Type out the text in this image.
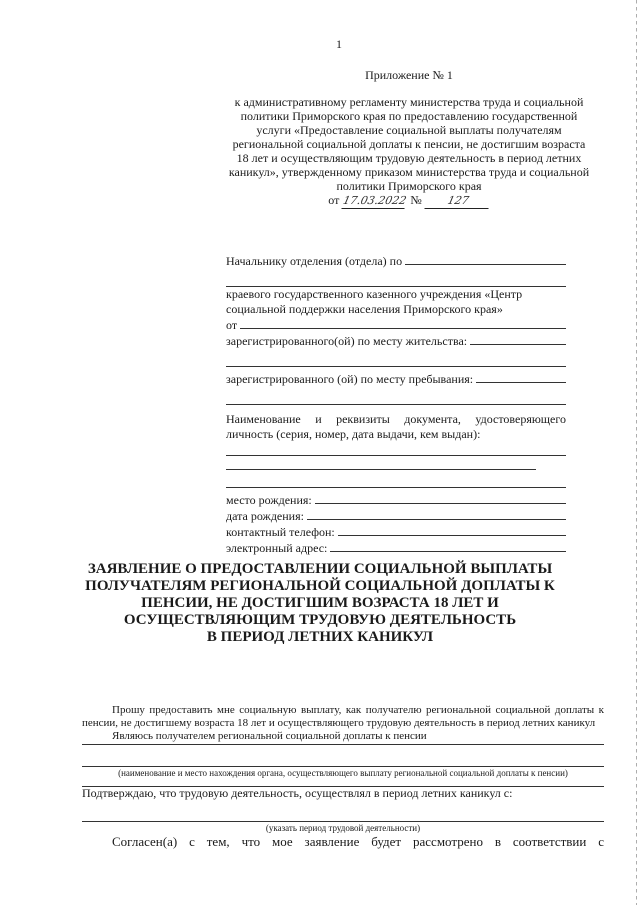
1
Приложение № 1

к административному регламенту министерства труда и социальной

политики Приморского края по предоставлению государственной

услуги «Предоставление социальной выплаты получателям

региональной социальной доплаты к пенсии, не достигшим возраста

18 лет и осуществляющим трудовую деятельность в период летних

каникул», утвержденному приказом министерства труда и социальной

политики Приморского края

от 17.03.2022 №	127
Начальнику отделения (отдела) по
краевого государственного казенного учреждения «Центр
социальной поддержки населения Приморского края»
от
зарегистрированного(ой) по месту жительства:
зарегистрированного (ой) по месту пребывания:
Наименование и реквизиты документа, удостоверяющего
личность (серия, номер, дата выдачи, кем выдан):
место рождения:
дата рождения:
контактный телефон:
электронный адрес:
ЗАЯВЛЕНИЕ О ПРЕДОСТАВЛЕНИИ СОЦИАЛЬНОЙ ВЫПЛАТЫ
ПОЛУЧАТЕЛЯМ РЕГИОНАЛЬНОЙ СОЦИАЛЬНОЙ ДОПЛАТЫ К
ПЕНСИИ, НЕ ДОСТИГШИМ ВОЗРАСТА 18 ЛЕТ И
ОСУЩЕСТВЛЯЮЩИМ ТРУДОВУЮ ДЕЯТЕЛЬНОСТЬ
В ПЕРИОД ЛЕТНИХ КАНИКУЛ

Прошу предоставить мне социальную выплату, как получателю региональной социальной доплаты к пенсии, не достигшему возраста 18 лет и осуществляющего трудовую деятельность в период летних каникул

Являюсь получателем региональной социальной доплаты к пенсии
(наименование и место нахождения органа, осуществляющего выплату региональной социальной доплаты к пенсии)

Подтверждаю, что трудовую деятельность, осуществлял в период летних каникул с:

(указать период трудовой деятельности)

Согласен(а) с тем, что мое заявление будет рассмотрено в соответствии с
